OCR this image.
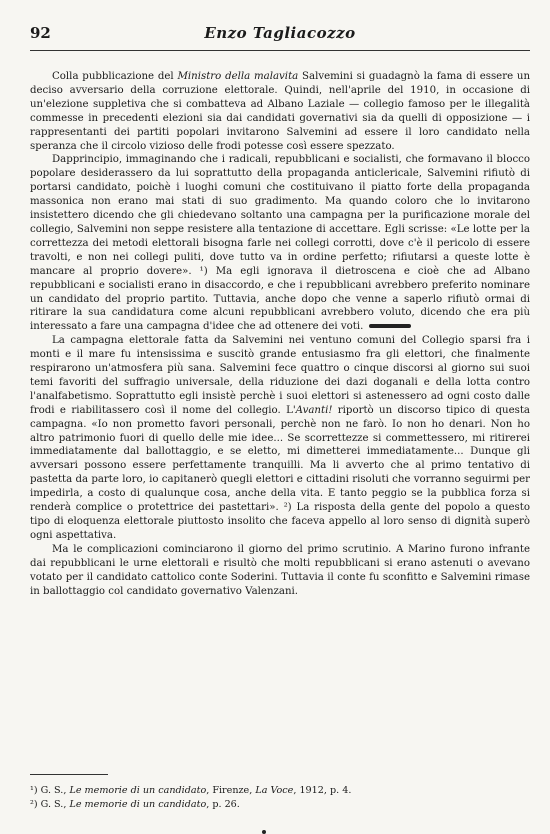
92	Enzo Tagliacozzo

Colla pubblicazione del Ministro della malavita Salvemini si guadagnò la fama di essere un deciso avversario della corruzione elettorale. Quindi, nell'aprile del 1910, in occasione di un'elezione suppletiva che si combatteva ad Albano Laziale — collegio famoso per le illegalità commesse in precedenti elezioni sia dai candidati governativi sia da quelli di opposizione — i rappresentanti dei partiti popolari invitarono Salvemini ad essere il loro candidato nella speranza che il circolo vizioso delle frodi potesse così essere spezzato.

Dapprincipio, immaginando che i radicali, repubblicani e socialisti, che formavano il blocco popolare desiderassero da lui soprattutto della propaganda anticlericale, Salvemini rifiutò di portarsi candidato, poichè i luoghi comuni che costituivano il piatto forte della propaganda massonica non erano mai stati di suo gradimento. Ma quando coloro che lo invitarono insistettero dicendo che gli chiedevano soltanto una campagna per la purificazione morale del collegio, Salvemini non seppe resistere alla tentazione di accettare. Egli scrisse: «Le lotte per la correttezza dei metodi elettorali bisogna farle nei collegi corrotti, dove c'è il pericolo di essere travolti, e non nei collegi puliti, dove tutto va in ordine perfetto; rifiutarsi a queste lotte è mancare al proprio dovere». ¹) Ma egli ignorava il dietroscena e cioè che ad Albano repubblicani e socialisti erano in disaccordo, e che i repubblicani avrebbero preferito nominare un candidato del proprio partito. Tuttavia, anche dopo che venne a saperlo rifiutò ormai di ritirare la sua candidatura come alcuni repubblicani avrebbero voluto, dicendo che era più interessato a fare una campagna d'idee che ad ottenere dei voti.

La campagna elettorale fatta da Salvemini nei ventuno comuni del Collegio sparsi fra i monti e il mare fu intensissima e suscitò grande entusiasmo fra gli elettori, che finalmente respirarono un'atmosfera più sana. Salvemini fece quattro o cinque discorsi al giorno sui suoi temi favoriti del suffragio universale, della riduzione dei dazi doganali e della lotta contro l'analfabetismo. Soprattutto egli insistè perchè i suoi elettori si astenessero ad ogni costo dalle frodi e riabilitassero così il nome del collegio. L'Avanti! riportò un discorso tipico di questa campagna. «Io non prometto favori personali, perchè non ne farò. Io non ho denari. Non ho altro patrimonio fuori di quello delle mie idee... Se scorrettezze si commettessero, mi ritirerei immediatamente dal ballottaggio, e se eletto, mi dimetterei immediatamente... Dunque gli avversari possono essere perfettamente tranquilli. Ma li avverto che al primo tentativo di pastetta da parte loro, io capitanerò quegli elettori e cittadini risoluti che vorranno seguirmi per impedirla, a costo di qualunque cosa, anche della vita. E tanto peggio se la pubblica forza si renderà complice o protettrice dei pastettari». ²) La risposta della gente del popolo a questo tipo di eloquenza elettorale piuttosto insolito che faceva appello al loro senso di dignità superò ogni aspettativa.

Ma le complicazioni cominciarono il giorno del primo scrutinio. A Marino furono infrante dai repubblicani le urne elettorali e risultò che molti repubblicani si erano astenuti o avevano votato per il candidato cattolico conte Soderini. Tuttavia il conte fu sconfitto e Salvemini rimase in ballottaggio col candidato governativo Valenzani.

¹) G. S., Le memorie di un candidato, Firenze, La Voce, 1912, p. 4.
²) G. S., Le memorie di un candidato, p. 26.
